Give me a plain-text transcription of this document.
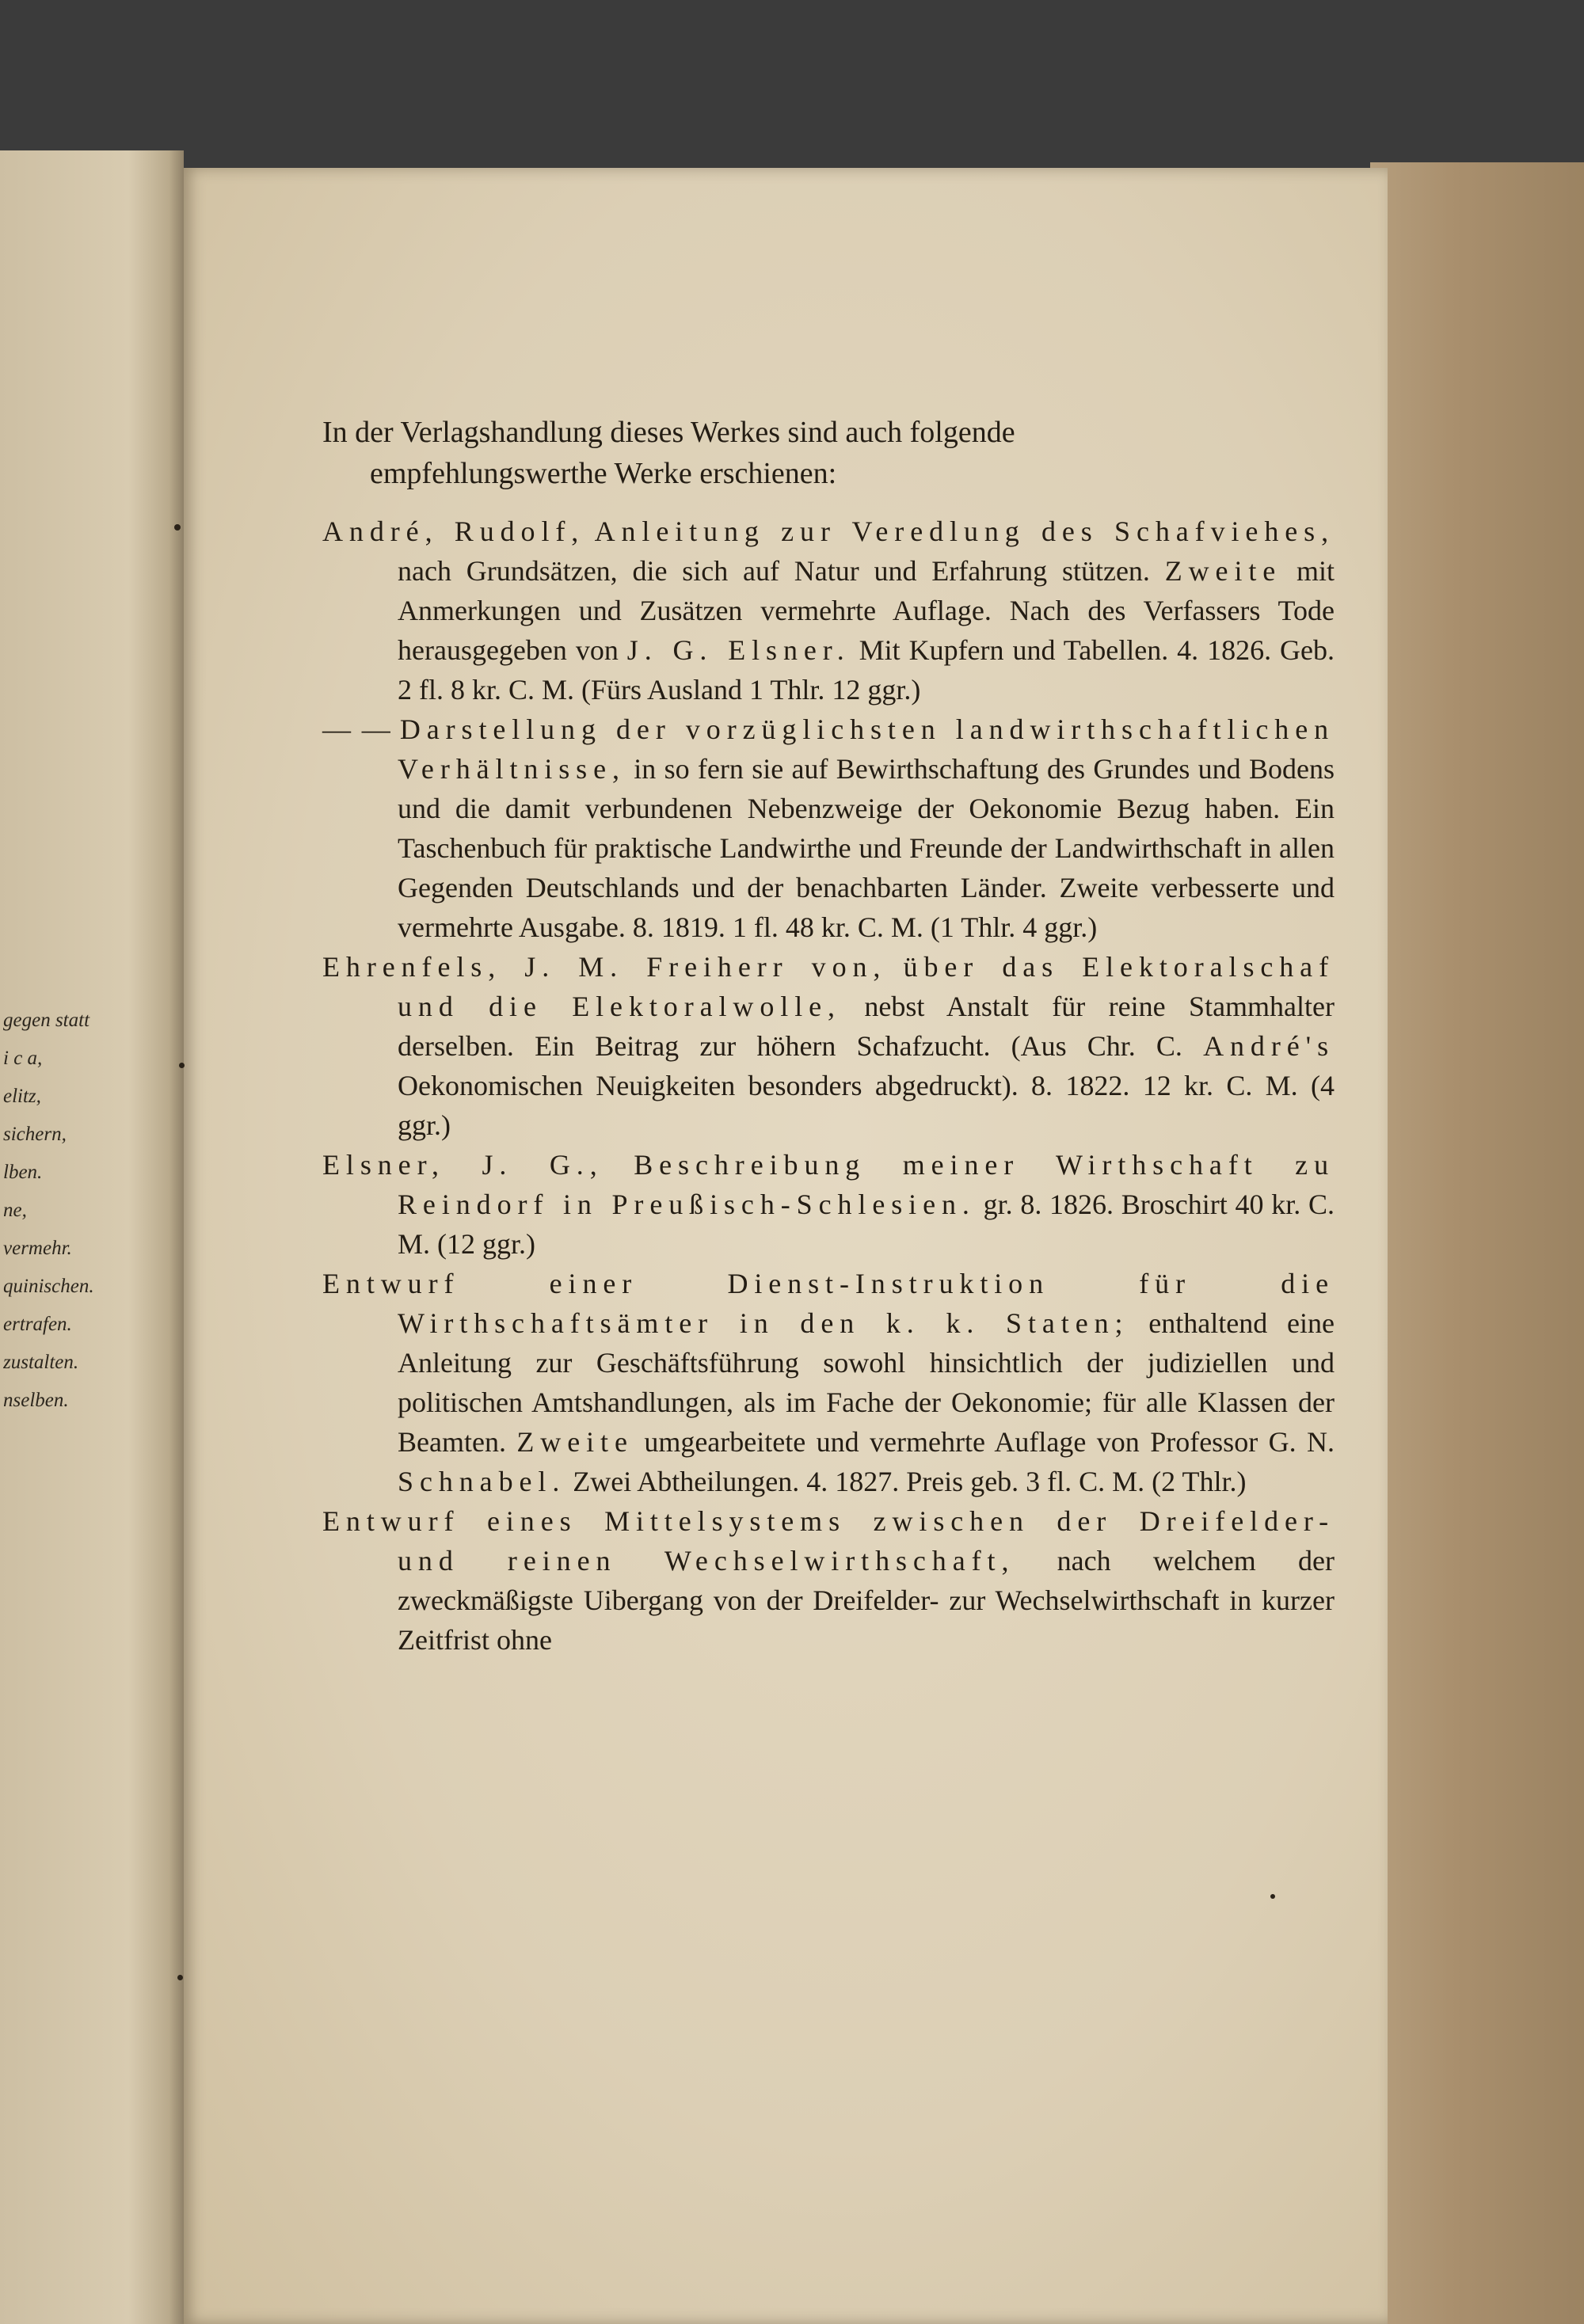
gegen statt
i c a,
elitz,
sichern,
lben.
ne,
vermehr.
quinischen.
ertrafen.
zustalten.
nselben.

In der Verlagshandlung dieses Werkes sind auch folgende

empfehlungswerthe Werke erschienen:

André, Rudolf, Anleitung zur Veredlung des Schafviehes, nach Grundsätzen, die sich auf Natur und Erfahrung stützen. Zweite mit Anmerkungen und Zusätzen vermehrte Auflage. Nach des Verfassers Tode herausgegeben von J. G. Elsner. Mit Kupfern und Tabellen. 4. 1826. Geb. 2 fl. 8 kr. C. M. (Fürs Ausland 1 Thlr. 12 ggr.)

— — Darstellung der vorzüglichsten landwirthschaftlichen Verhältnisse, in so fern sie auf Bewirthschaftung des Grundes und Bodens und die damit verbundenen Nebenzweige der Oekonomie Bezug haben. Ein Taschenbuch für praktische Landwirthe und Freunde der Landwirthschaft in allen Gegenden Deutschlands und der benachbarten Länder. Zweite verbesserte und vermehrte Ausgabe. 8. 1819. 1 fl. 48 kr. C. M. (1 Thlr. 4 ggr.)

Ehrenfels, J. M. Freiherr von, über das Elektoralschaf und die Elektoralwolle, nebst Anstalt für reine Stammhalter derselben. Ein Beitrag zur höhern Schafzucht. (Aus Chr. C. André's Oekonomischen Neuigkeiten besonders abgedruckt). 8. 1822. 12 kr. C. M. (4 ggr.)

Elsner, J. G., Beschreibung meiner Wirthschaft zu Reindorf in Preußisch-Schlesien. gr. 8. 1826. Broschirt 40 kr. C. M. (12 ggr.)

Entwurf einer Dienst-Instruktion für die Wirthschaftsämter in den k. k. Staten; enthaltend eine Anleitung zur Geschäftsführung sowohl hinsichtlich der judiziellen und politischen Amtshandlungen, als im Fache der Oekonomie; für alle Klassen der Beamten. Zweite umgearbeitete und vermehrte Auflage von Professor G. N. Schnabel. Zwei Abtheilungen. 4. 1827. Preis geb. 3 fl. C. M. (2 Thlr.)

Entwurf eines Mittelsystems zwischen der Dreifelder- und reinen Wechselwirthschaft, nach welchem der zweckmäßigste Uibergang von der Dreifelder- zur Wechselwirthschaft in kurzer Zeitfrist ohne
